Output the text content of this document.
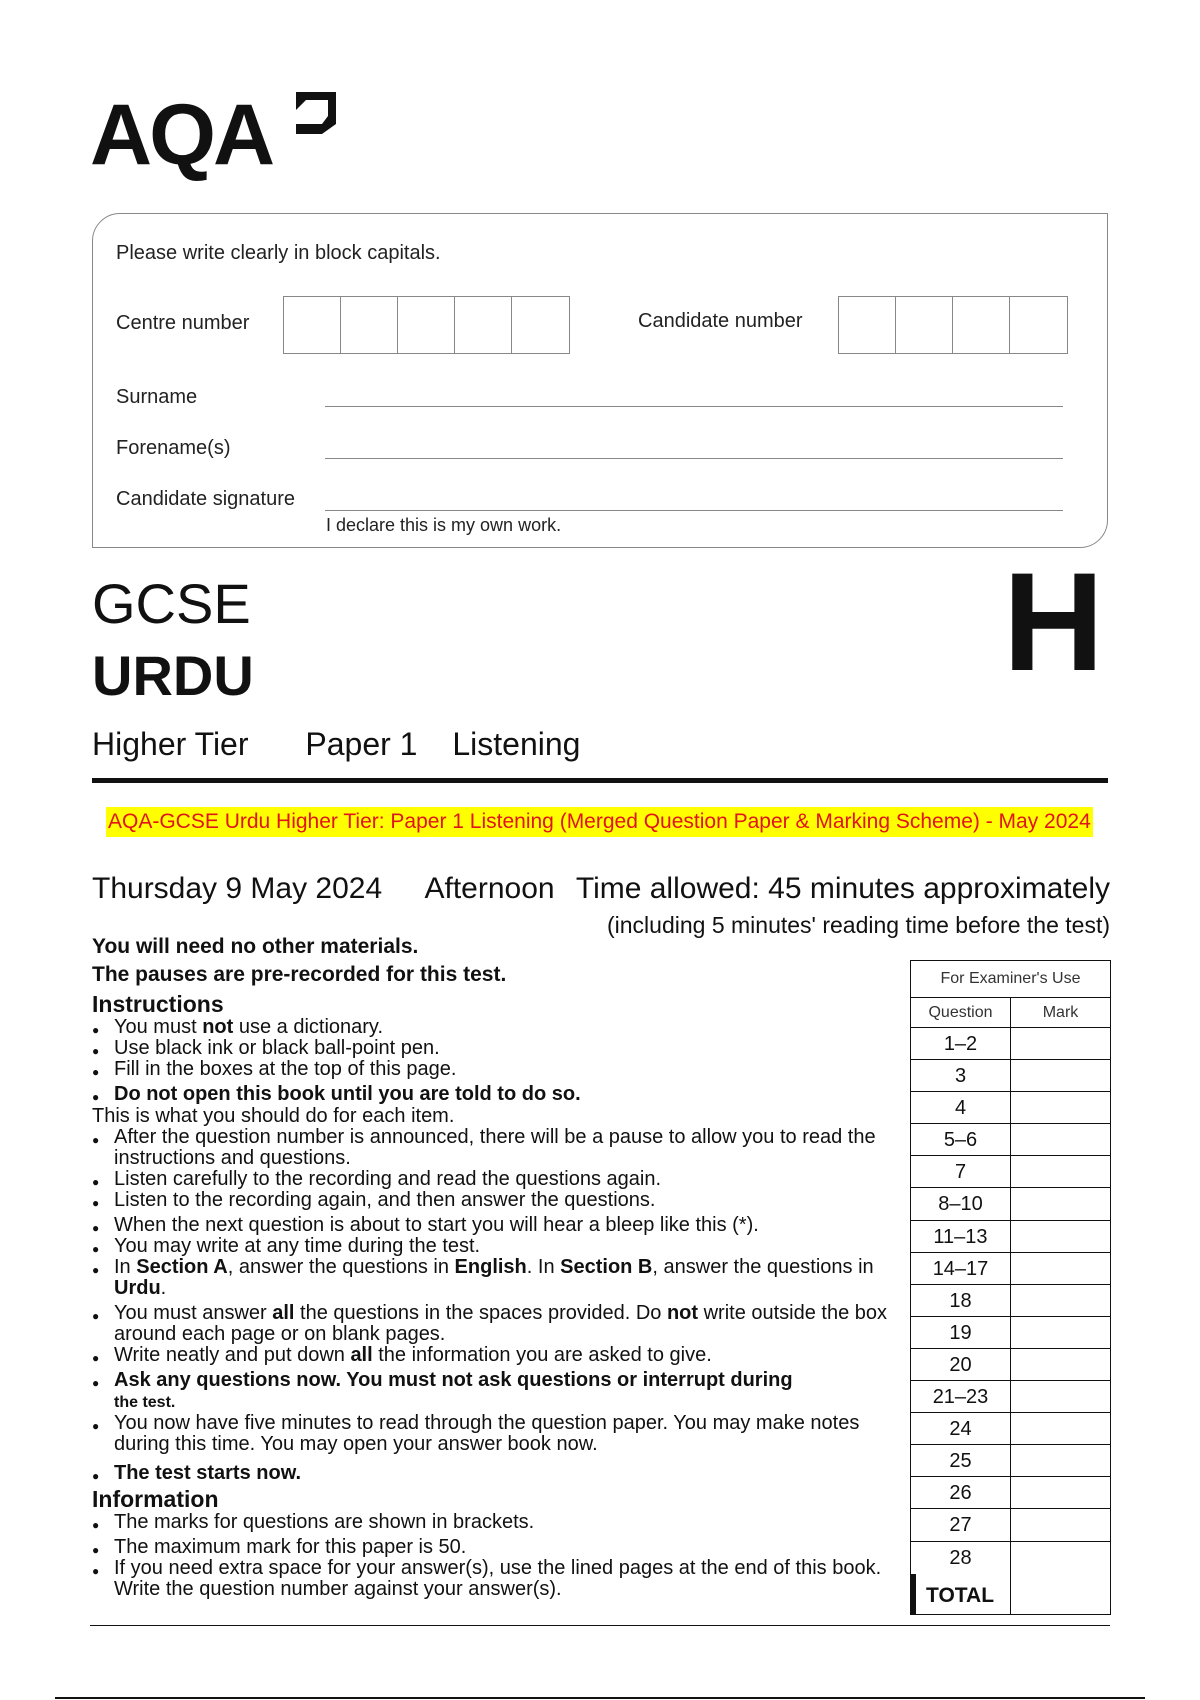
AQA
Please write clearly in block capitals.
Centre number	Candidate number
Surname
Forename(s)
Candidate signature
I declare this is my own work.
GCSE
URDU	H
Higher Tier Paper 1 Listening
AQA-GCSE Urdu Higher Tier: Paper 1 Listening (Merged Question Paper & Marking Scheme) - May 2024
Thursday 9 May 2024 Afternoon Time allowed: 45 minutes approximately
(including 5 minutes' reading time before the test)
You will need no other materials.
The pauses are pre-recorded for this test.
Instructions
● You must not use a dictionary.
● Use black ink or black ball-point pen.
● Fill in the boxes at the top of this page.
● Do not open this book until you are told to do so.
This is what you should do for each item.
● After the question number is announced, there will be a pause to allow you to read the instructions and questions.
● Listen carefully to the recording and read the questions again.
● Listen to the recording again, and then answer the questions.
● When the next question is about to start you will hear a bleep like this (*).
● You may write at any time during the test.
● In Section A, answer the questions in English. In Section B, answer the questions in Urdu.
● You must answer all the questions in the spaces provided. Do not write outside the box around each page or on blank pages.
● Write neatly and put down all the information you are asked to give.
● Ask any questions now. You must not ask questions or interrupt during
the test.
● You now have five minutes to read through the question paper. You may make notes during this time. You may open your answer book now.
● The test starts now.
Information
● The marks for questions are shown in brackets.
● The maximum mark for this paper is 50.
● If you need extra space for your answer(s), use the lined pages at the end of this book. Write the question number against your answer(s).
For Examiner's Use
Question	Mark
1–2
3
4
5–6
7
8–10
11–13
14–17
18
19
20
21–23
24
25
26
27
28
TOTAL
